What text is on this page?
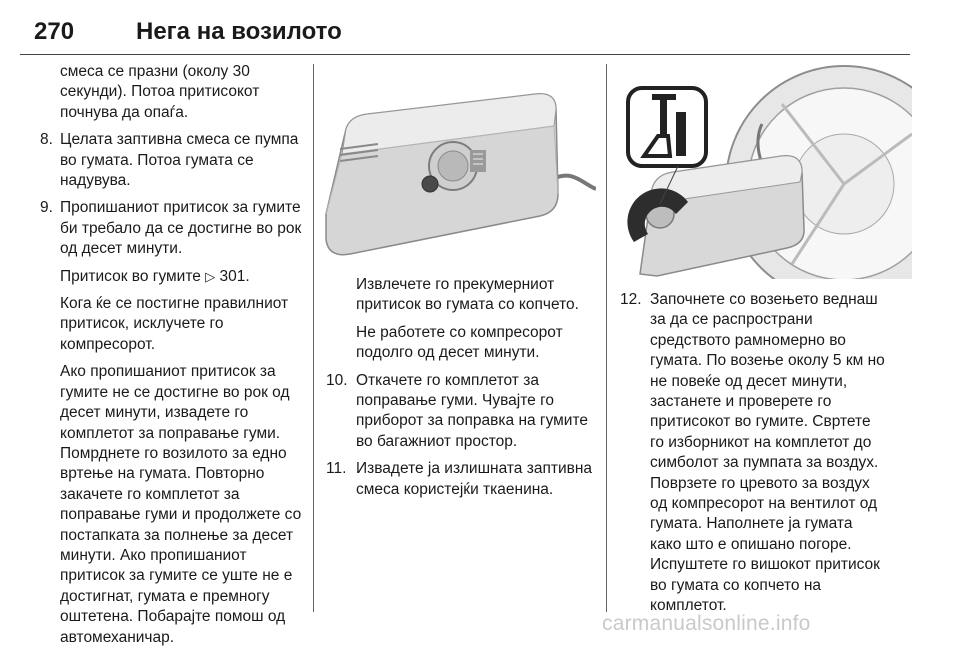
270	Нега на возилото

смеса се празни (околу 30 секунди). Потоа притисокот почнува да опаѓа.

8. Целата заптивна смеса се пумпа во гумата. Потоа гумата се надувува.
9. Пропишаниот притисок за гумите би требало да се достигне во рок од десет минути.

Притисок во гумите ▷ 301.

Кога ќе се постигне правилниот притисок, исклучете го компресорот.

Ако пропишаниот притисок за гумите не се достигне во рок од десет минути, извадете го комплетот за поправање гуми. Помрднете го возилото за едно вртење на гумата. Повторно закачете го комплетот за поправање гуми и продолжете со постапката за полнење за десет минути. Ако пропишаниот притисок за гумите се уште не е достигнат, гумата е премногу оштетена. Побарајте помош од автомеханичар.

Извлечете го прекумерниот притисок во гумата со копчето.

Не работете со компресорот подолго од десет минути.

10. Откачете го комплетот за поправање гуми. Чувајте го приборот за поправка на гумите во багажниот простор.
11. Извадете ја излишната заптивна смеса користејќи ткаенина.
12. Започнете со возењето веднаш за да се распространи средството рамномерно во гумата. По возење околу 5 км но не повеќе од десет минути, застанете и проверете го притисокот во гумите. Свртете го изборникот на комплетот до симболот за пумпата за воздух. Поврзете го цревото за воздух од компресорот на вентилот од гумата. Наполнете ја гумата како што е опишано погоре. Испуштете го вишокот притисок во гумата со копчето на комплетот.
carmanualsonline.info
